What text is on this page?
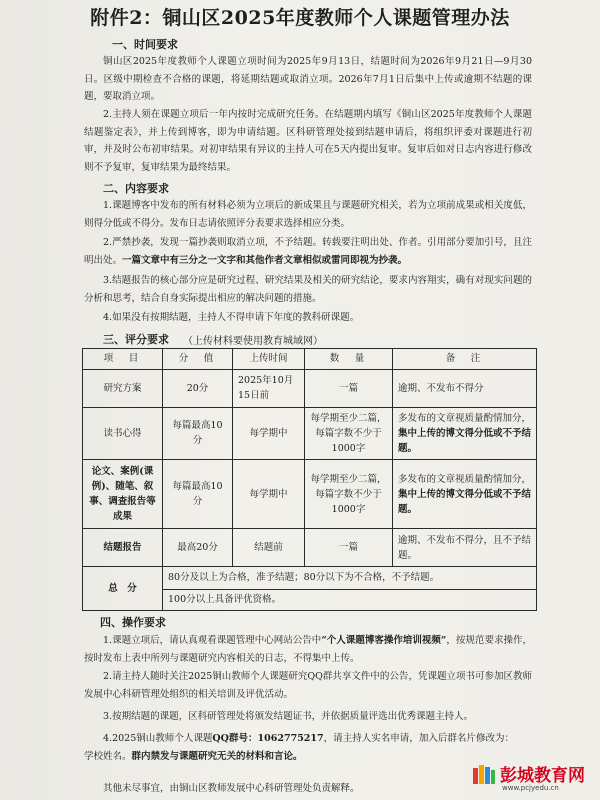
附件2：铜山区2025年度教师个人课题管理办法
一、时间要求
铜山区2025年度教师个人课题立项时间为2025年9月13日，结题时间为2026年9月21日—9月30日。区级中期检查不合格的课题，将延期结题或取消立项。2026年7月1日后集中上传或逾期不结题的课题，要取消立项。
2.主持人须在课题立项后一年内按时完成研究任务。在结题期内填写《铜山区2025年度教师个人课题结题鉴定表》，并上传到博客，即为申请结题。区科研管理处接到结题申请后，将组织评委对课题进行初审，并及时公布初审结果。对初审结果有异议的主持人可在5天内提出复审。复审后如对日志内容进行修改则不予复审，复审结果为最终结果。
二、内容要求
1.课题博客中发布的所有材料必须为立项后的新成果且与课题研究相关，若为立项前成果或相关度低，则得分低或不得分。发布日志请依照评分表要求选择相应分类。
2.严禁抄袭，发现一篇抄袭则取消立项，不予结题。转载要注明出处、作者。引用部分要加引号，且注明出处。一篇文章中有三分之一文字和其他作者文章相似或雷同即视为抄袭。
3.结题报告的核心部分应是研究过程、研究结果及相关的研究结论，要求内容翔实，确有对现实问题的分析和思考，结合自身实际提出相应的解决问题的措施。
4.如果没有按期结题，主持人不得申请下年度的教科研课题。
三、评分要求 （上传材料要使用教育城域网）
项　目	分　值	上传时间	数　量	备　注
研究方案	20分	2025年10月15日前	一篇	逾期、不发布不得分
读书心得	每篇最高10分	每学期中	每学期至少二篇，每篇字数不少于1000字	多发布的文章视质量酌情加分，集中上传的博文得分低或不予结题。
论文、案例(课例)、随笔、叙事、调查报告等成果	每篇最高10分	每学期中	每学期至少二篇，每篇字数不少于1000字	多发布的文章视质量酌情加分，集中上传的博文得分低或不予结题。
结题报告	最高20分	结题前	一篇	逾期、不发布不得分，且不予结题。
总　分	80分及以上为合格，准予结题；80分以下为不合格，不予结题。			
	100分以上具备评优资格。			
四、操作要求
1.课题立项后，请认真观看课题管理中心网站公告中“个人课题博客操作培训视频”，按规范要求操作，按时发布上表中所列与课题研究内容相关的日志，不得集中上传。
2.请主持人随时关注2025铜山教师个人课题研究QQ群共享文件中的公告，凭课题立项书可参加区教师发展中心科研管理处组织的相关培训及评优活动。
3.按期结题的课题，区科研管理处将颁发结题证书，并依据质量评选出优秀课题主持人。
4.2025铜山教师个人课题QQ群号：1062775217，请主持人实名申请，加入后群名片修改为：学校姓名。群内禁发与课题研究无关的材料和言论。
其他未尽事宜，由铜山区教师发展中心科研管理处负责解释。
彭城教育网
www.pcjyedu.cn
